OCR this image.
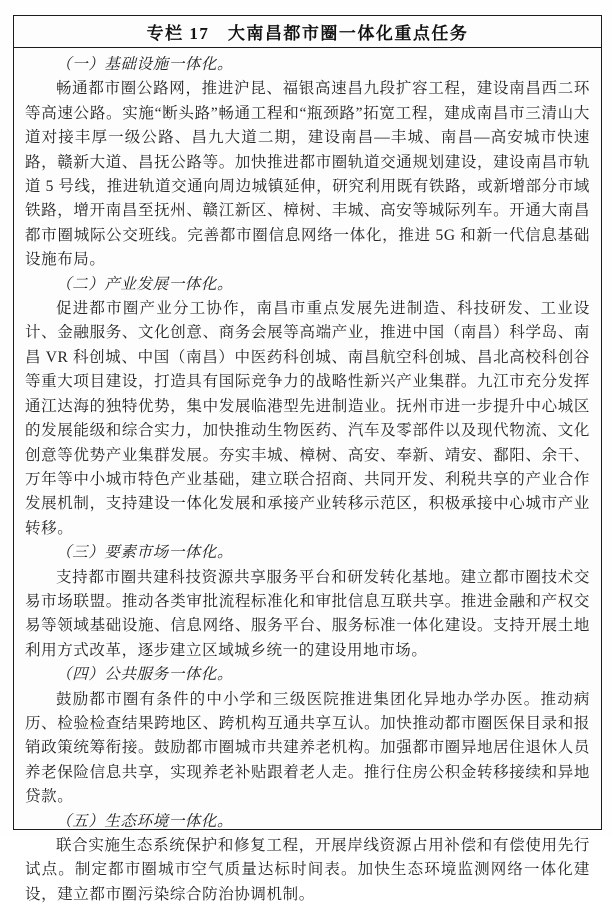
专栏 17　大南昌都市圈一体化重点任务

（一）基础设施一体化。

畅通都市圈公路网，推进沪昆、福银高速昌九段扩容工程，建设南昌西二环等高速公路。实施“断头路”畅通工程和“瓶颈路”拓宽工程，建成南昌市三清山大道对接丰厚一级公路、昌九大道二期，建设南昌—丰城、南昌—高安城市快速路，赣新大道、昌抚公路等。加快推进都市圈轨道交通规划建设，建设南昌市轨道 5 号线，推进轨道交通向周边城镇延伸，研究利用既有铁路，或新增部分市域铁路，增开南昌至抚州、赣江新区、樟树、丰城、高安等城际列车。开通大南昌都市圈城际公交班线。完善都市圈信息网络一体化，推进 5G 和新一代信息基础设施布局。

（二）产业发展一体化。

促进都市圈产业分工协作，南昌市重点发展先进制造、科技研发、工业设计、金融服务、文化创意、商务会展等高端产业，推进中国（南昌）科学岛、南昌 VR 科创城、中国（南昌）中医药科创城、南昌航空科创城、昌北高校科创谷等重大项目建设，打造具有国际竞争力的战略性新兴产业集群。九江市充分发挥通江达海的独特优势，集中发展临港型先进制造业。抚州市进一步提升中心城区的发展能级和综合实力，加快推动生物医药、汽车及零部件以及现代物流、文化创意等优势产业集群发展。夯实丰城、樟树、高安、奉新、靖安、鄱阳、余干、万年等中小城市特色产业基础，建立联合招商、共同开发、利税共享的产业合作发展机制，支持建设一体化发展和承接产业转移示范区，积极承接中心城市产业转移。

（三）要素市场一体化。

支持都市圈共建科技资源共享服务平台和研发转化基地。建立都市圈技术交易市场联盟。推动各类审批流程标准化和审批信息互联共享。推进金融和产权交易等领域基础设施、信息网络、服务平台、服务标准一体化建设。支持开展土地利用方式改革，逐步建立区域城乡统一的建设用地市场。

（四）公共服务一体化。

鼓励都市圈有条件的中小学和三级医院推进集团化异地办学办医。推动病历、检验检查结果跨地区、跨机构互通共享互认。加快推动都市圈医保目录和报销政策统筹衔接。鼓励都市圈城市共建养老机构。加强都市圈异地居住退休人员养老保险信息共享，实现养老补贴跟着老人走。推行住房公积金转移接续和异地贷款。

（五）生态环境一体化。

联合实施生态系统保护和修复工程，开展岸线资源占用补偿和有偿使用先行试点。制定都市圈城市空气质量达标时间表。加快生态环境监测网络一体化建设，建立都市圈污染综合防治协调机制。
